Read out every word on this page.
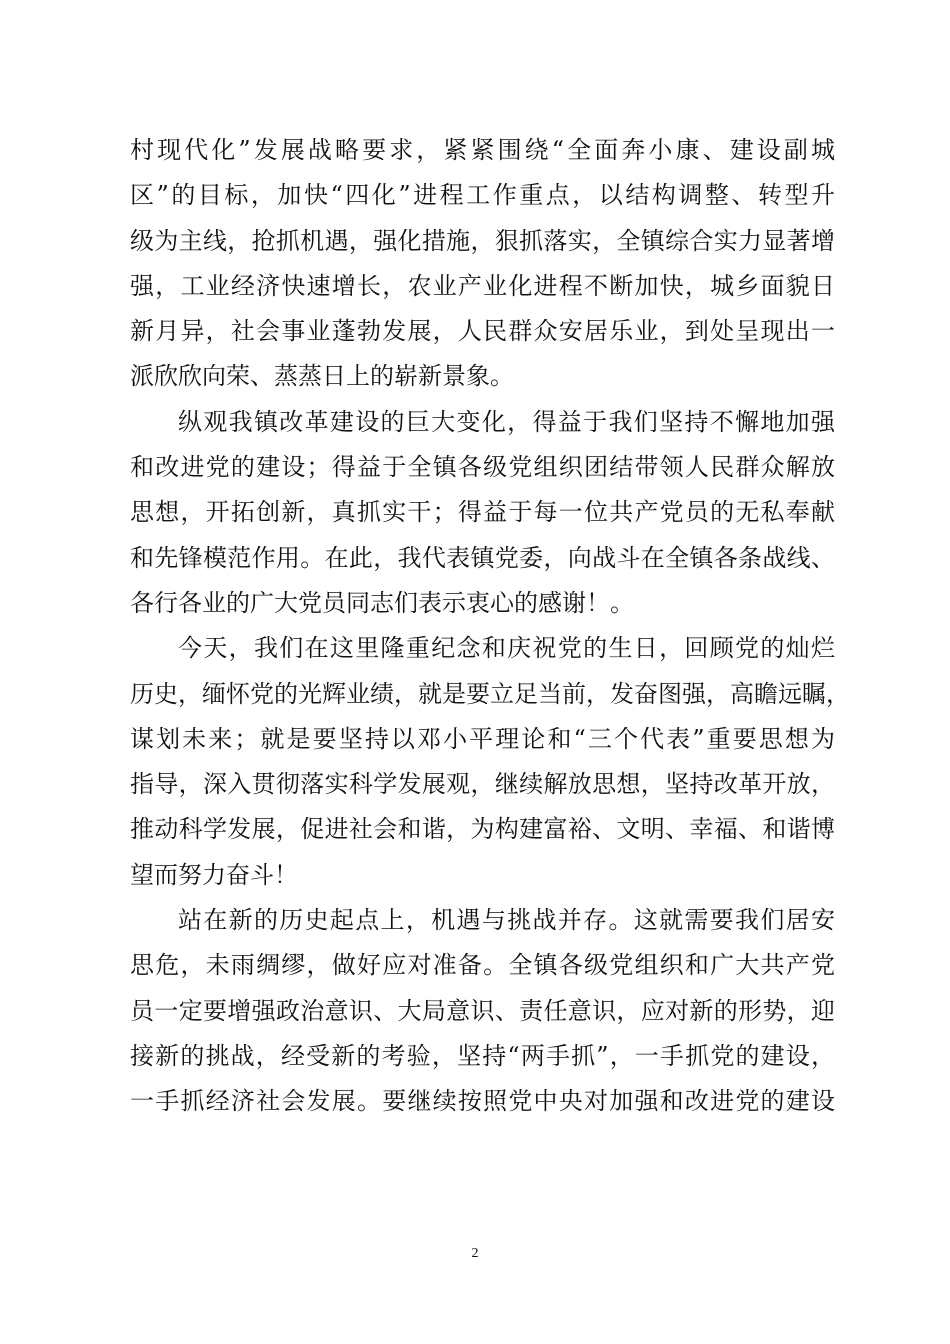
村现代化”发展战略要求，紧紧围绕“全面奔小康、建设副城
区”的目标，加快“四化”进程工作重点，以结构调整、转型升
级为主线，抢抓机遇，强化措施，狠抓落实，全镇综合实力显著增
强，工业经济快速增长，农业产业化进程不断加快，城乡面貌日
新月异，社会事业蓬勃发展，人民群众安居乐业，到处呈现出一
派欣欣向荣、蒸蒸日上的崭新景象。
纵观我镇改革建设的巨大变化，得益于我们坚持不懈地加强
和改进党的建设；得益于全镇各级党组织团结带领人民群众解放
思想，开拓创新，真抓实干；得益于每一位共产党员的无私奉献
和先锋模范作用。在此，我代表镇党委，向战斗在全镇各条战线、
各行各业的广大党员同志们表示衷心的感谢！。
今天，我们在这里隆重纪念和庆祝党的生日，回顾党的灿烂
历史，缅怀党的光辉业绩，就是要立足当前，发奋图强，高瞻远瞩，
谋划未来；就是要坚持以邓小平理论和“三个代表”重要思想为
指导，深入贯彻落实科学发展观，继续解放思想，坚持改革开放，
推动科学发展，促进社会和谐，为构建富裕、文明、幸福、和谐博
望而努力奋斗！
站在新的历史起点上，机遇与挑战并存。这就需要我们居安
思危，未雨绸缪，做好应对准备。全镇各级党组织和广大共产党
员一定要增强政治意识、大局意识、责任意识，应对新的形势，迎
接新的挑战，经受新的考验，坚持“两手抓”，一手抓党的建设，
一手抓经济社会发展。要继续按照党中央对加强和改进党的建设
2
